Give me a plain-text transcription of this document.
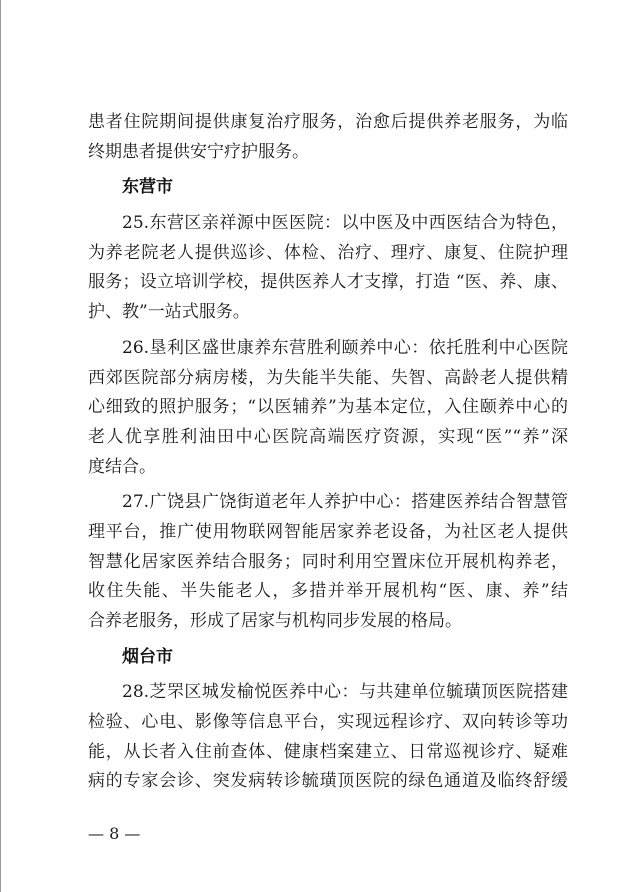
患者住院期间提供康复治疗服务，治愈后提供养老服务，为临
终期患者提供安宁疗护服务。
东营市
25.东营区亲祥源中医医院：以中医及中西医结合为特色，
为养老院老人提供巡诊、体检、治疗、理疗、康复、住院护理
服务；设立培训学校，提供医养人才支撑，打造 “医、养、康、
护、教”一站式服务。
26.垦利区盛世康养东营胜利颐养中心：依托胜利中心医院
西郊医院部分病房楼，为失能半失能、失智、高龄老人提供精
心细致的照护服务；“以医辅养”为基本定位，入住颐养中心的
老人优享胜利油田中心医院高端医疗资源，实现“医”“养”深
度结合。
27.广饶县广饶街道老年人养护中心：搭建医养结合智慧管
理平台，推广使用物联网智能居家养老设备，为社区老人提供
智慧化居家医养结合服务；同时利用空置床位开展机构养老，
收住失能、半失能老人，多措并举开展机构“医、康、养”结
合养老服务，形成了居家与机构同步发展的格局。
烟台市
28.芝罘区城发榆悦医养中心：与共建单位毓璜顶医院搭建
检验、心电、影像等信息平台，实现远程诊疗、双向转诊等功
能，从长者入住前查体、健康档案建立、日常巡视诊疗、疑难
病的专家会诊、突发病转诊毓璜顶医院的绿色通道及临终舒缓
— 8 —
